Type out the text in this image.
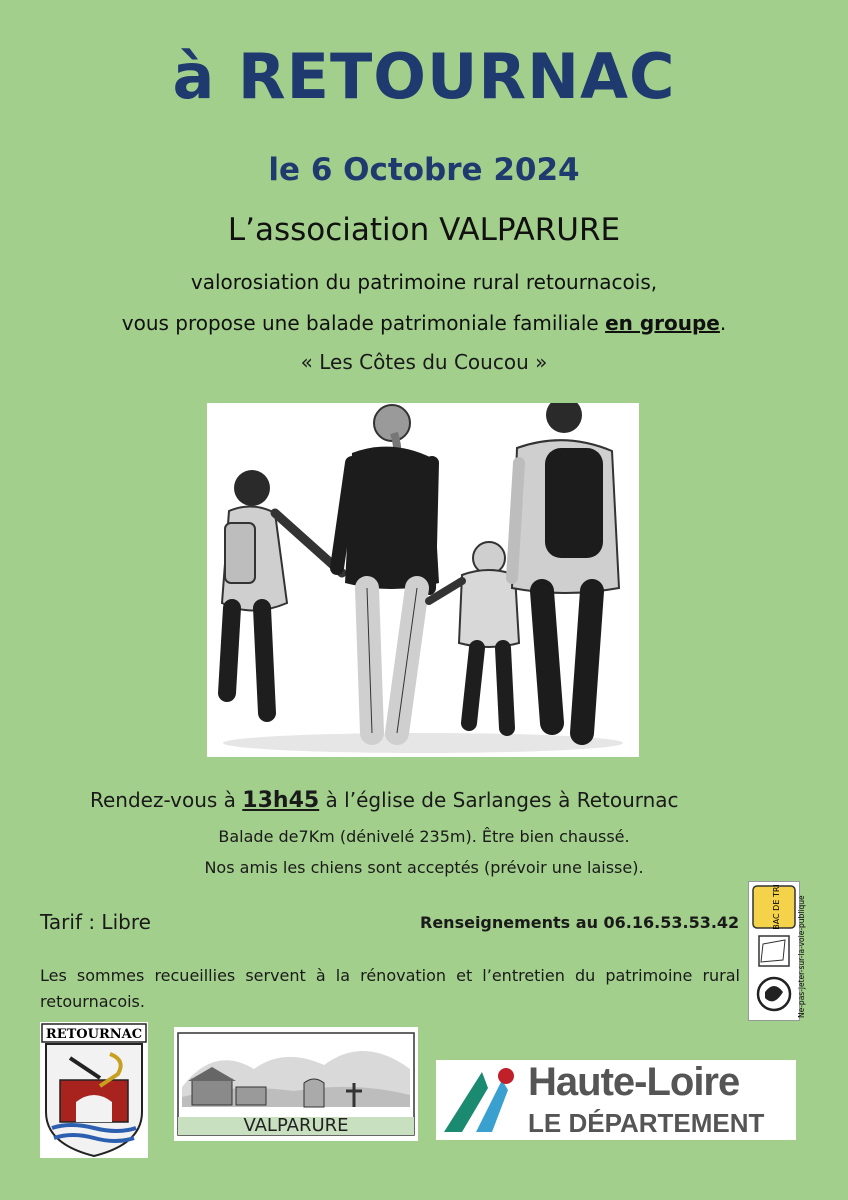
à RETOURNAC
le 6 Octobre 2024
L’association VALPARURE
valorosiation du patrimoine rural retournacois,
vous propose une balade patrimoniale familiale en groupe.
« Les Côtes du Coucou »
Rendez-vous à 13h45 à l’église de Sarlanges à Retournac
Balade de7Km (dénivelé 235m). Être bien chaussé.
Nos amis les chiens sont acceptés (prévoir une laisse).
Tarif : Libre	Renseignements au 06.16.53.53.42
Les sommes recueillies servent à la rénovation et l’entretien du patrimoine rural retournacois.
BAC DE TRI Ne-pas-jeter-sur-la-voie-publique
RETOURNAC
VALPARURE
Haute-Loire
LE DÉPARTEMENT
